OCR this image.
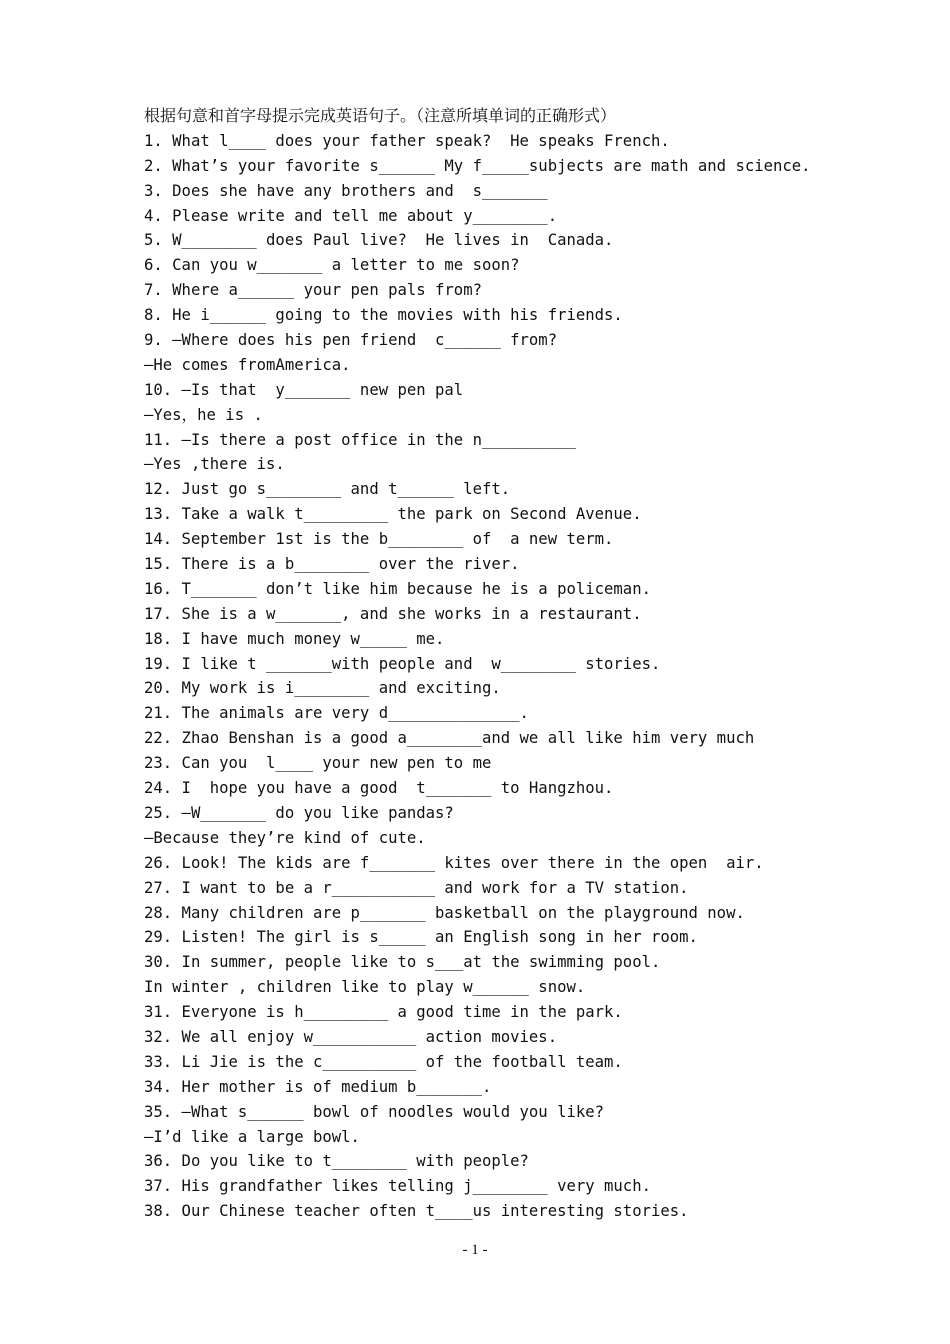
根据句意和首字母提示完成英语句子。（注意所填单词的正确形式）
1. What l____ does your father speak?  He speaks French.
2. What’s your favorite s______ My f_____subjects are math and science.
3. Does she have any brothers and  s_______
4. Please write and tell me about y________.
5. W________ does Paul live?  He lives in  Canada.
6. Can you w_______ a letter to me soon?
7. Where a______ your pen pals from?
8. He i______ going to the movies with his friends.
9. —Where does his pen friend  c______ from?
—He comes fromAmerica.
10. —Is that  y_______ new pen pal
—Yes，he is .
11. —Is there a post office in the n__________
—Yes ,there is.
12. Just go s________ and t______ left.
13. Take a walk t_________ the park on Second Avenue.
14. September 1st is the b________ of  a new term.
15. There is a b________ over the river.
16. T_______ don’t like him because he is a policeman.
17. She is a w_______, and she works in a restaurant.
18. I have much money w_____ me.
19. I like t _______with people and  w________ stories.
20. My work is i________ and exciting.
21. The animals are very d______________.
22. Zhao Benshan is a good a________and we all like him very much
23. Can you  l____ your new pen to me
24. I  hope you have a good  t_______ to Hangzhou.
25. —W_______ do you like pandas?
—Because they’re kind of cute.
26. Look! The kids are f_______ kites over there in the open  air.
27. I want to be a r___________ and work for a TV station.
28. Many children are p_______ basketball on the playground now.
29. Listen! The girl is s_____ an English song in her room.
30. In summer, people like to s___at the swimming pool.
In winter , children like to play w______ snow.
31. Everyone is h_________ a good time in the park.
32. We all enjoy w___________ action movies.
33. Li Jie is the c__________ of the football team.
34. Her mother is of medium b_______.
35. —What s______ bowl of noodles would you like?
—I’d like a large bowl.
36. Do you like to t________ with people?
37. His grandfather likes telling j________ very much.
38. Our Chinese teacher often t____us interesting stories.
- 1 -
